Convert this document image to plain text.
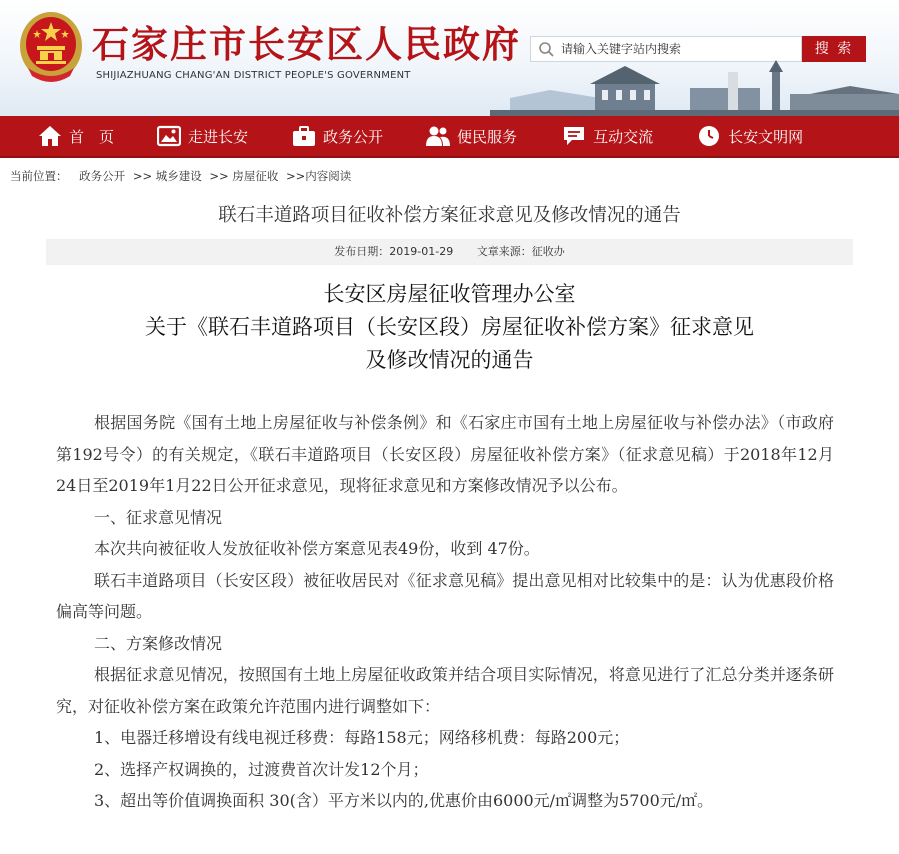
石家庄市长安区人民政府
SHIJIAZHUANG CHANG'AN DISTRICT PEOPLE'S GOVERNMENT
请输入关键字站内搜索
搜 索
首　页	走进长安	政务公开	便民服务	互动交流	长安文明网
当前位置： 政务公开 >> 城乡建设 >> 房屋征收 >>内容阅读
联石丰道路项目征收补偿方案征求意见及修改情况的通告
发布日期：2019-01-29 文章来源：征收办
长安区房屋征收管理办公室
关于《联石丰道路项目（长安区段）房屋征收补偿方案》征求意见
及修改情况的通告

根据国务院《国有土地上房屋征收与补偿条例》和《石家庄市国有土地上房屋征收与补偿办法》（市政府第192号令）的有关规定，《联石丰道路项目（长安区段）房屋征收补偿方案》（征求意见稿）于2018年12月24日至2019年1月22日公开征求意见，现将征求意见和方案修改情况予以公布。

一、征求意见情况

本次共向被征收人发放征收补偿方案意见表49份，收到 47份。

联石丰道路项目（长安区段）被征收居民对《征求意见稿》提出意见相对比较集中的是：认为优惠段价格偏高等问题。

二、方案修改情况

根据征求意见情况，按照国有土地上房屋征收政策并结合项目实际情况，将意见进行了汇总分类并逐条研究，对征收补偿方案在政策允许范围内进行调整如下：

1、电器迁移增设有线电视迁移费：每路158元；网络移机费：每路200元；

2、选择产权调换的，过渡费首次计发12个月；

3、超出等价值调换面积 30(含）平方米以内的,优惠价由6000元/㎡调整为5700元/㎡。
